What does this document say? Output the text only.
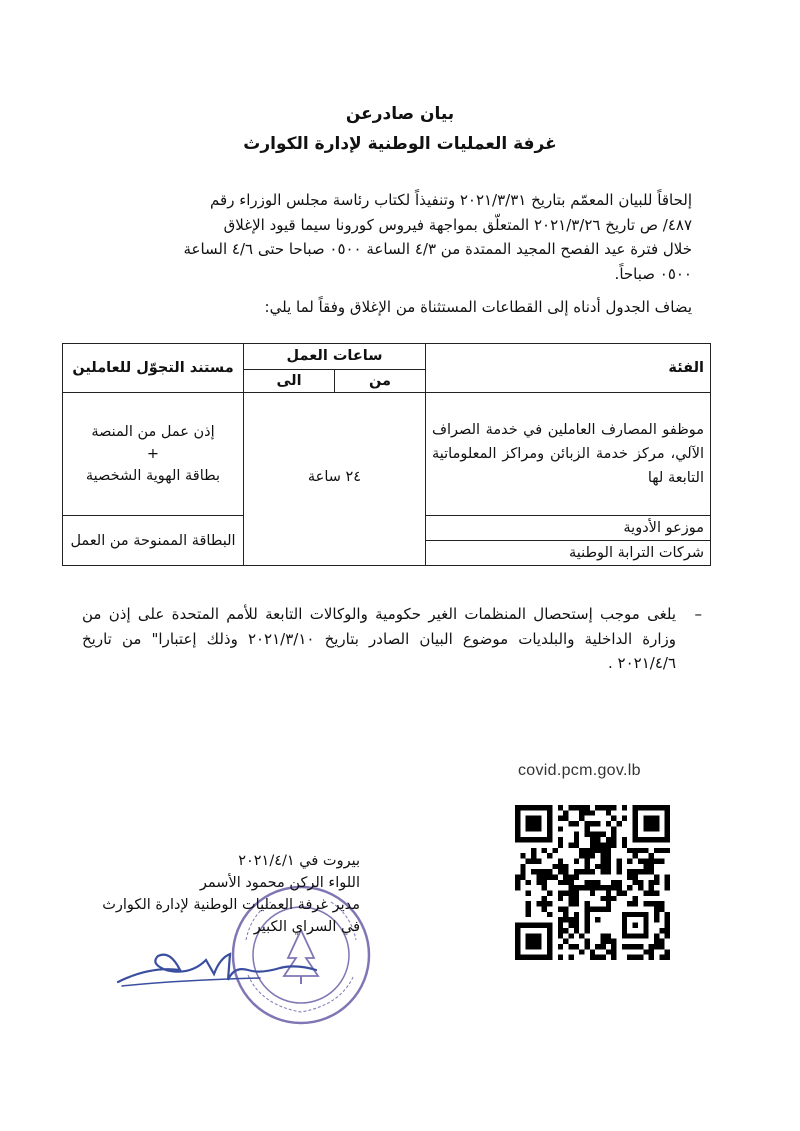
بيان صادرعن
غرفة العمليات الوطنية لإدارة الكوارث

إلحاقاً للبيان المعمّم بتاريخ ٢٠٢١/٣/٣١ وتنفيذاً لكتاب رئاسة مجلس الوزراء رقم

٤٨٧/ ص تاريخ ٢٠٢١/٣/٢٦ المتعلّق بمواجهة فيروس كورونا سيما قيود الإغلاق

خلال فترة عيد الفصح المجيد الممتدة من ٤/٣ الساعة ٠٥٠٠ صباحا حتى ٤/٦ الساعة

٠٥٠٠ صباحاً.

يضاف الجدول أدناه إلى القطاعات المستثناة من الإغلاق وفقاً لما يلي:
الفئة	ساعات العمل		مستند التجوّل للعاملين
	من	الى	
موظفو المصارف العاملين في خدمة الصراف الآلي، مركز خدمة الزبائن ومراكز المعلوماتية التابعة لها	٢٤ ساعة		إذن عمل من المنصة
+
بطاقة الهوية الشخصية

موزعو الأدوية			البطاقة الممنوحة من العمل
شركات الترابة الوطنية			
–
يلغى موجب إستحصال المنظمات الغير حكومية والوكالات التابعة للأمم المتحدة على إذن من وزارة الداخلية والبلديات موضوع البيان الصادر بتاريخ ٢٠٢١/٣/١٠ وذلك إعتبارا" من تاريخ ٢٠٢١/٤/٦ .
covid.pcm.gov.lb
بيروت في ٢٠٢١/٤/١
اللواء الركن محمود الأسمر
مدير غرفة العمليات الوطنية لإدارة الكوارث
في السراي الكبير
